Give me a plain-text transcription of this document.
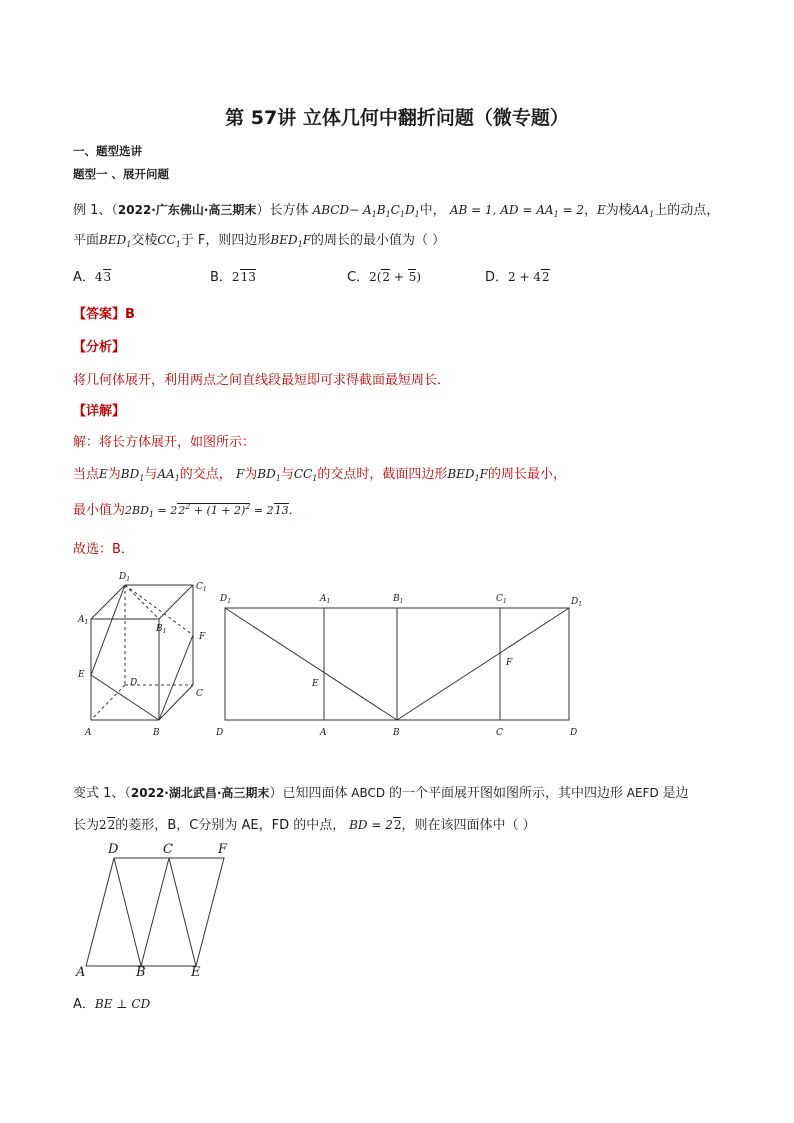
第 57讲 立体几何中翻折问题（微专题）
一、题型选讲
题型一 、展开问题
例 1、（2022·广东佛山·高三期末）长方体 ABCD− $A_1B_1C_1D_1$中， AB = 1, AD = $AA_1 = 2$，E为棱$AA_1$上的动点，
平面$BED_1$交棱$CC_1$于 F，则四边形$BED_1F$的周长的最小值为（ ）
A．43	B．213	C．2(2 + 5)	D．2 + 42
【答案】B
【分析】
将几何体展开，利用两点之间直线段最短即可求得截面最短周长．
【详解】
解：将长方体展开，如图所示：
当点E为$BD_1$与$AA_1$的交点， F为$BD_1$与$CC_1$的交点时，截面四边形$BED_1F$的周长最小，
最小值为$2BD_1 = 22^2 + (1 + 2)^2 = 213$．
故选：B．
$D_1$
$C_1$
$A_1$
$B_1$
F
E
D
C
A	B
$D_1$	$A_1$	$B_1$	$C_1$	$D_1$
E
F
D	A	B	C	D
变式 1、（2022·湖北武昌·高三期末）已知四面体 ABCD 的一个平面展开图如图所示，其中四边形 AEFD 是边
长为22的菱形，B，C分别为 AE，FD 的中点， BD = 22，则在该四面体中（ ）
D	C	F
A	B	E
A．BE ⊥ CD
